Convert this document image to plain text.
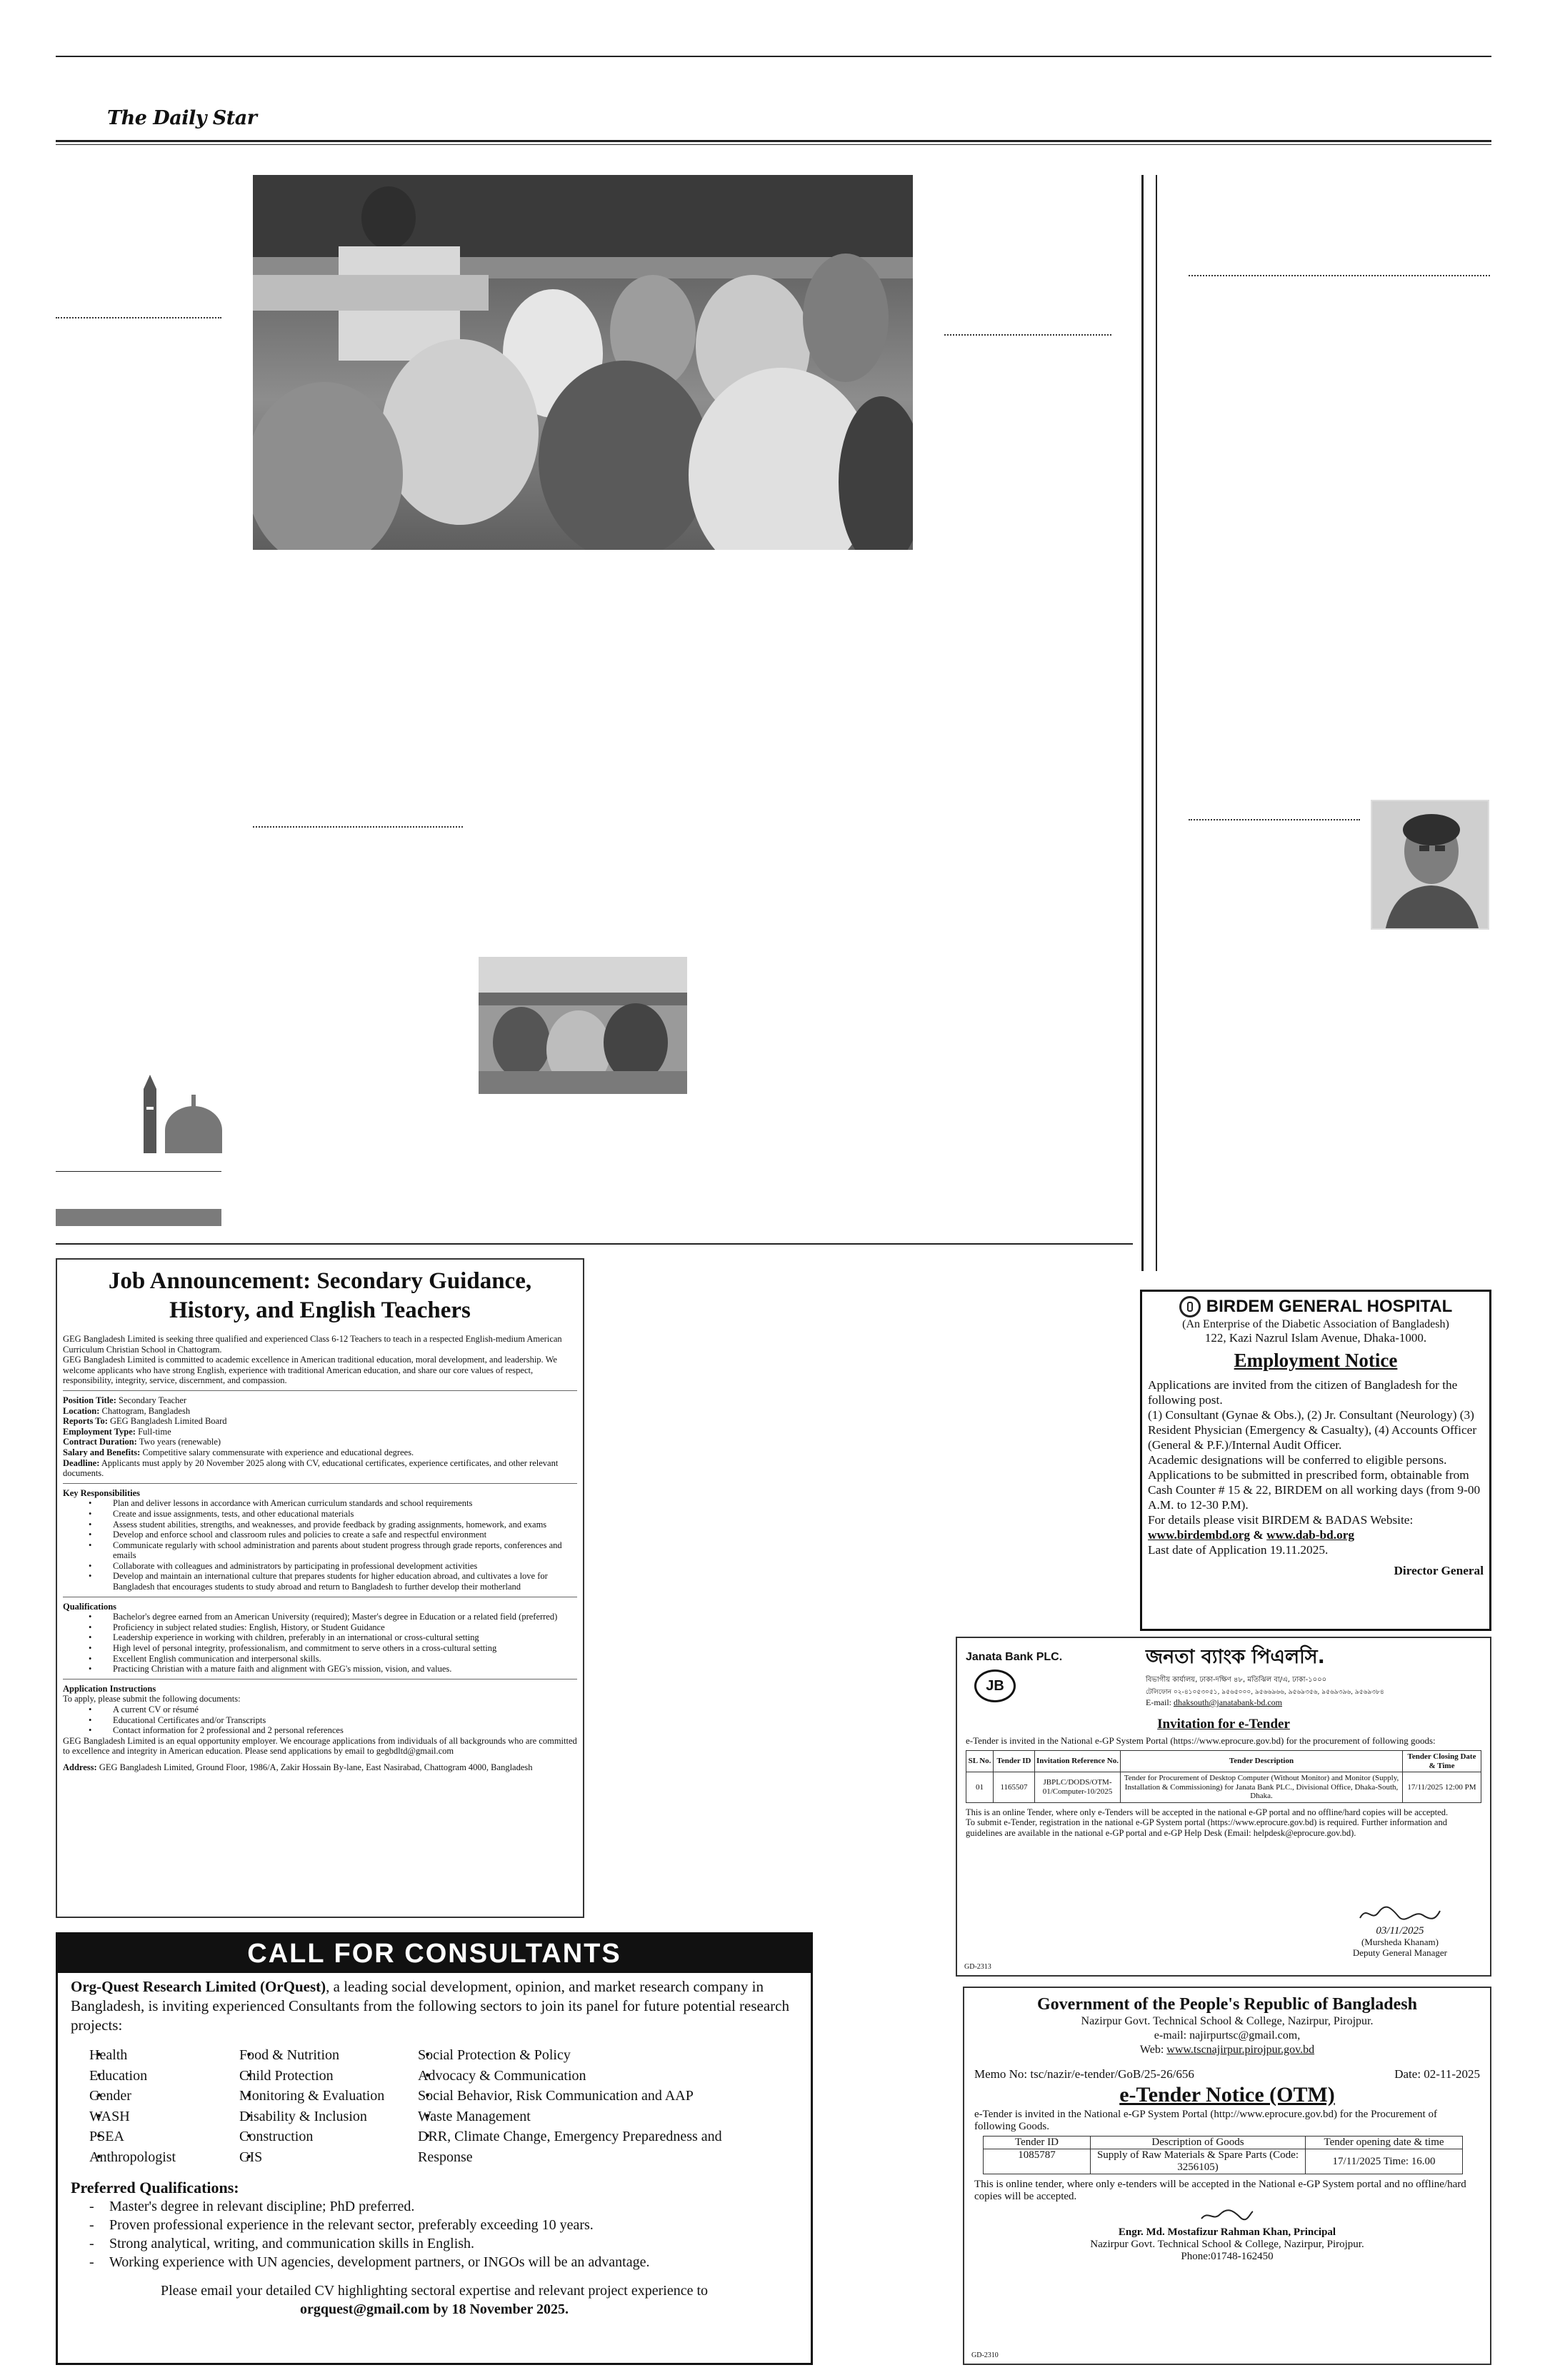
The Daily Star
Job Announcement: Secondary Guidance, History, and English Teachers
GEG Bangladesh Limited is seeking three qualified and experienced Class 6-12 Teachers to teach in a respected English-medium American Curriculum Christian School in Chattogram.
GEG Bangladesh Limited is committed to academic excellence in American traditional education, moral development, and leadership. We welcome applicants who have strong English, experience with traditional American education, and share our core values of respect, responsibility, integrity, service, discernment, and compassion.
Position Title: Secondary Teacher
Location: Chattogram, Bangladesh
Reports To: GEG Bangladesh Limited Board
Employment Type: Full-time
Contract Duration: Two years (renewable)
Salary and Benefits: Competitive salary commensurate with experience and educational degrees.
Deadline: Applicants must apply by 20 November 2025 along with CV, educational certificates, experience certificates, and other relevant documents.
Key Responsibilities
• Plan and deliver lessons in accordance with American curriculum standards and school requirements
• Create and issue assignments, tests, and other educational materials
• Assess student abilities, strengths, and weaknesses, and provide feedback by grading assignments, homework, and exams
• Develop and enforce school and classroom rules and policies to create a safe and respectful environment
• Communicate regularly with school administration and parents about student progress through grade reports, conferences and emails
• Collaborate with colleagues and administrators by participating in professional development activities
• Develop and maintain an international culture that prepares students for higher education abroad, and cultivates a love for Bangladesh that encourages students to study abroad and return to Bangladesh to further develop their motherland
Qualifications
• Bachelor's degree earned from an American University (required); Master's degree in Education or a related field (preferred)
• Proficiency in subject related studies: English, History, or Student Guidance
• Leadership experience in working with children, preferably in an international or cross-cultural setting
• High level of personal integrity, professionalism, and commitment to serve others in a cross-cultural setting
• Excellent English communication and interpersonal skills.
• Practicing Christian with a mature faith and alignment with GEG's mission, vision, and values.
Application Instructions
To apply, please submit the following documents:
• A current CV or résumé
• Educational Certificates and/or Transcripts
• Contact information for 2 professional and 2 personal references
GEG Bangladesh Limited is an equal opportunity employer. We encourage applications from individuals of all backgrounds who are committed to excellence and integrity in American education. Please send applications by email to gegbdltd@gmail.com
Address: GEG Bangladesh Limited, Ground Floor, 1986/A, Zakir Hossain By-lane, East Nasirabad, Chattogram 4000, Bangladesh
CALL FOR CONSULTANTS
Org-Quest Research Limited (OrQuest), a leading social development, opinion, and market research company in Bangladesh, is inviting experienced Consultants from the following sectors to join its panel for future potential research projects:
• Health
• Education
• Gender
• WASH
• PSEA
• Anthropologist
• Food & Nutrition
• Child Protection
• Monitoring & Evaluation
• Disability & Inclusion
• Construction
• GIS
• Social Protection & Policy
• Advocacy & Communication
• Social Behavior, Risk Communication and AAP
• Waste Management
• DRR, Climate Change, Emergency Preparedness and Response
Preferred Qualifications:
- Master's degree in relevant discipline; PhD preferred.
- Proven professional experience in the relevant sector, preferably exceeding 10 years.
- Strong analytical, writing, and communication skills in English.
- Working experience with UN agencies, development partners, or INGOs will be an advantage.
Please email your detailed CV highlighting sectoral expertise and relevant project experience to
orgquest@gmail.com by 18 November 2025.
BIRDEM GENERAL HOSPITAL
(An Enterprise of the Diabetic Association of Bangladesh)
122, Kazi Nazrul Islam Avenue, Dhaka-1000.
Employment Notice
Applications are invited from the citizen of Bangladesh for the following post.
(1) Consultant (Gynae & Obs.), (2) Jr. Consultant (Neurology) (3) Resident Physician (Emergency & Casualty), (4) Accounts Officer (General & P.F.)/Internal Audit Officer.
Academic designations will be conferred to eligible persons.
Applications to be submitted in prescribed form, obtainable from Cash Counter # 15 & 22, BIRDEM on all working days (from 9-00 A.M. to 12-30 P.M).
For details please visit BIRDEM & BADAS Website:
www.birdembd.org & www.dab-bd.org
Last date of Application 19.11.2025.
Director General
Janata Bank PLC.
JB
জনতা ব্যাংক পিএলসি.
বিভাগীয় কার্যালয়, ঢাকা-দক্ষিণ ৪৮, মতিঝিল বা/এ, ঢাকা-১০০০
টেলিফোন ০২-৪১০৫৩০৫১, ৯৫৬৫০০০, ৯৫৬৬৯৬৬, ৯৫৬৯৩৫৬, ৯৫৬৯৩৯৬, ৯৫৬৯৩৮৪
E-mail: dhaksouth@janatabank-bd.com
Invitation for e-Tender
e-Tender is invited in the National e-GP System Portal (https://www.eprocure.gov.bd) for the procurement of following goods:
SL No.	Tender ID	Invitation Reference No.	Tender Description	Tender Closing Date & Time
01	1165507	JBPLC/DODS/OTM-01/Computer-10/2025	Tender for Procurement of Desktop Computer (Without Monitor) and Monitor (Supply, Installation & Commissioning) for Janata Bank PLC., Divisional Office, Dhaka-South, Dhaka.	17/11/2025 12:00 PM
This is an online Tender, where only e-Tenders will be accepted in the national e-GP portal and no offline/hard copies will be accepted.
To submit e-Tender, registration in the national e-GP System portal (https://www.eprocure.gov.bd) is required. Further information and guidelines are available in the national e-GP portal and e-GP Help Desk (Email: helpdesk@eprocure.gov.bd).
03/11/2025
(Mursheda Khanam)
Deputy General Manager
GD-2313
Government of the People's Republic of Bangladesh
Nazirpur Govt. Technical School & College, Nazirpur, Pirojpur.
e-mail: najirpurtsc@gmail.com,
Web: www.tscnajirpur.pirojpur.gov.bd
Memo No: tsc/nazir/e-tender/GoB/25-26/656	Date: 02-11-2025
e-Tender Notice (OTM)
e-Tender is invited in the National e-GP System Portal (http://www.eprocure.gov.bd) for the Procurement of following Goods.
Tender ID	Description of Goods	Tender opening date & time
1085787	Supply of Raw Materials & Spare Parts (Code: 3256105)	17/11/2025 Time: 16.00
This is online tender, where only e-tenders will be accepted in the National e-GP System portal and no offline/hard copies will be accepted.
Engr. Md. Mostafizur Rahman Khan, Principal
Nazirpur Govt. Technical School & College, Nazirpur, Pirojpur.
Phone:01748-162450
GD-2310
